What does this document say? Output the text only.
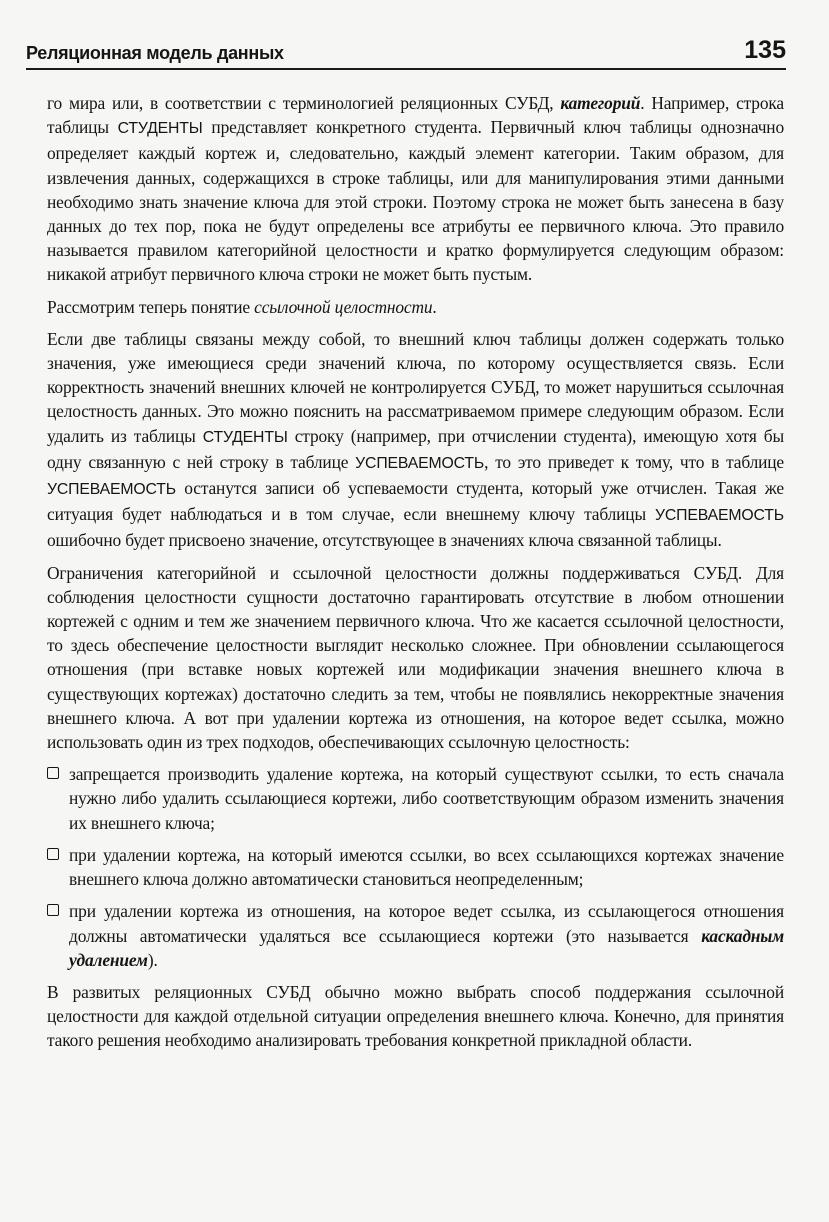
Реляционная модель данных	135

го мира или, в соответствии с терминологией реляционных СУБД, категорий. Например, строка таблицы СТУДЕНТЫ представляет конкретного студента. Первичный ключ таблицы однозначно определяет каждый кортеж и, следовательно, каждый элемент категории. Таким образом, для извлечения данных, содержащихся в строке таблицы, или для манипулирования этими данными необходимо знать значение ключа для этой строки. Поэтому строка не может быть занесена в базу данных до тех пор, пока не будут определены все атрибуты ее первичного ключа. Это правило называется правилом категорийной целостности и кратко формулируется следующим образом: никакой атрибут первичного ключа строки не может быть пустым.

Рассмотрим теперь понятие ссылочной целостности.

Если две таблицы связаны между собой, то внешний ключ таблицы должен содержать только значения, уже имеющиеся среди значений ключа, по которому осуществляется связь. Если корректность значений внешних ключей не контролируется СУБД, то может нарушиться ссылочная целостность данных. Это можно пояснить на рассматриваемом примере следующим образом. Если удалить из таблицы СТУДЕНТЫ строку (например, при отчислении студента), имеющую хотя бы одну связанную с ней строку в таблице УСПЕВАЕМОСТЬ, то это приведет к тому, что в таблице УСПЕВАЕМОСТЬ останутся записи об успеваемости студента, который уже отчислен. Такая же ситуация будет наблюдаться и в том случае, если внешнему ключу таблицы УСПЕВАЕМОСТЬ ошибочно будет присвоено значение, отсутствующее в значениях ключа связанной таблицы.

Ограничения категорийной и ссылочной целостности должны поддерживаться СУБД. Для соблюдения целостности сущности достаточно гарантировать отсутствие в любом отношении кортежей с одним и тем же значением первичного ключа. Что же касается ссылочной целостности, то здесь обеспечение целостности выглядит несколько сложнее. При обновлении ссылающегося отношения (при вставке новых кортежей или модификации значения внешнего ключа в существующих кортежах) достаточно следить за тем, чтобы не появлялись некорректные значения внешнего ключа. А вот при удалении кортежа из отношения, на которое ведет ссылка, можно использовать один из трех подходов, обеспечивающих ссылочную целостность:

запрещается производить удаление кортежа, на который существуют ссылки, то есть сначала нужно либо удалить ссылающиеся кортежи, либо соответствующим образом изменить значения их внешнего ключа;
при удалении кортежа, на который имеются ссылки, во всех ссылающихся кортежах значение внешнего ключа должно автоматически становиться неопределенным;
при удалении кортежа из отношения, на которое ведет ссылка, из ссылающегося отношения должны автоматически удаляться все ссылающиеся кортежи (это называется каскадным удалением).

В развитых реляционных СУБД обычно можно выбрать способ поддержания ссылочной целостности для каждой отдельной ситуации определения внешнего ключа. Конечно, для принятия такого решения необходимо анализировать требования конкретной прикладной области.
